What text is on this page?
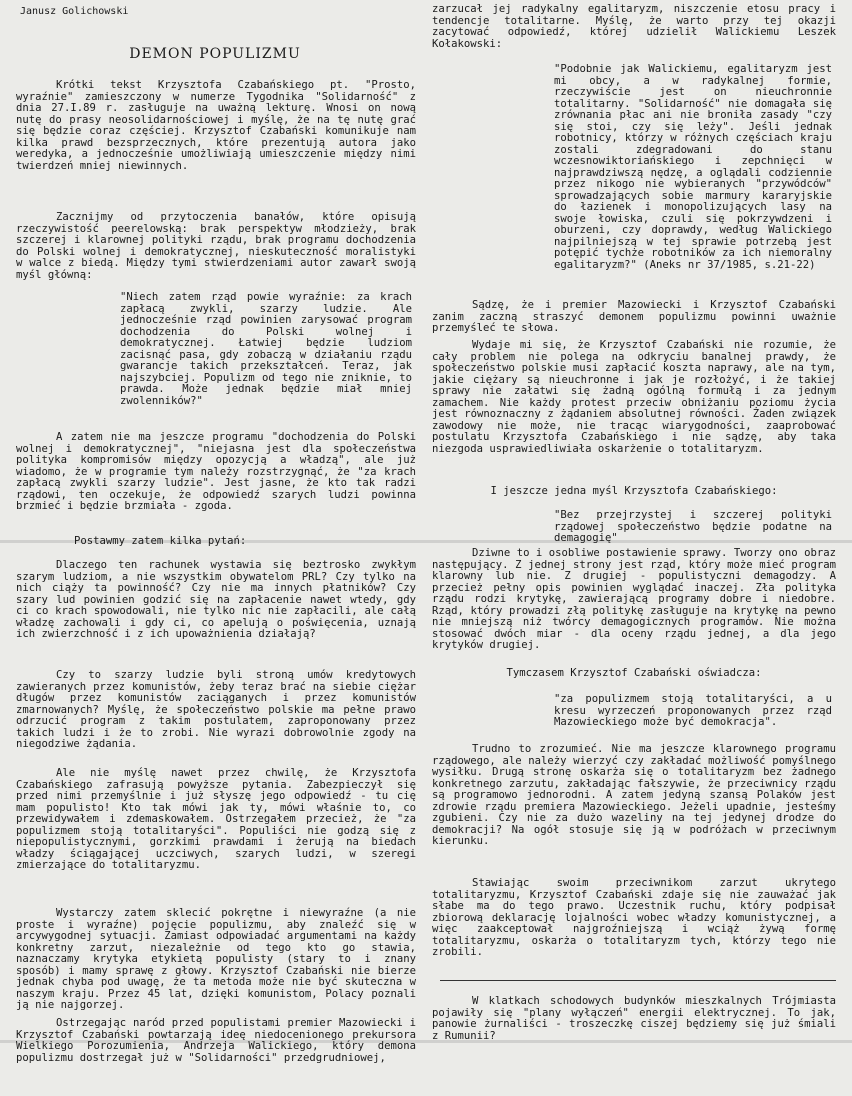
Janusz Golichowski
DEMON POPULIZMU

Krótki tekst Krzysztofa Czabańskiego pt. "Prosto, wyraźnie" zamieszczony w numerze Tygodnika "Solidarność" z dnia 27.I.89 r. zasługuje na uważną lekturę. Wnosi on nową nutę do prasy neosolidarnościowej i myślę, że na tę nutę grać się będzie coraz częściej. Krzysztof Czabański komunikuje nam kilka prawd bezsprzecznych, które prezentują autora jako weredyka, a jednocześnie umożliwiają umieszczenie między nimi twierdzeń mniej niewinnych.

Zacznijmy od przytoczenia banałów, które opisują rzeczywistość peerelowską: brak perspektyw młodzieży, brak szczerej i klarownej polityki rządu, brak programu dochodzenia do Polski wolnej i demokratycznej, nieskuteczność moralistyki w walce z biedą. Między tymi stwierdzeniami autor zawarł swoją myśl główną:

"Niech zatem rząd powie wyraźnie: za krach zapłacą zwykli, szarzy ludzie. Ale jednocześnie rząd powinien zarysować program dochodzenia do Polski wolnej i demokratycznej. Łatwiej będzie ludziom zacisnąć pasa, gdy zobaczą w działaniu rządu gwarancje takich przekształceń. Teraz, jak najszybciej. Populizm od tego nie zniknie, to prawda. Może jednak będzie miał mniej zwolenników?"

A zatem nie ma jeszcze programu "dochodzenia do Polski wolnej i demokratycznej", "niejasna jest dla społeczeństwa polityka kompromisów między opozycją a władzą", ale już wiadomo, że w programie tym należy rozstrzygnąć, że "za krach zapłacą zwykli szarzy ludzie". Jest jasne, że kto tak radzi rządowi, ten oczekuje, że odpowiedź szarych ludzi powinna brzmieć i będzie brzmiała - zgoda.

Postawmy zatem kilka pytań:

Dlaczego ten rachunek wystawia się beztrosko zwykłym szarym ludziom, a nie wszystkim obywatelom PRL? Czy tylko na nich ciąży ta powinność? Czy nie ma innych płatników? Czy szary lud powinien godzić się na zapłacenie nawet wtedy, gdy ci co krach spowodowali, nie tylko nic nie zapłacili, ale całą władzę zachowali i gdy ci, co apelują o poświęcenia, uznają ich zwierzchność i z ich upoważnienia działają?

Czy to szarzy ludzie byli stroną umów kredytowych zawieranych przez komunistów, żeby teraz brać na siebie ciężar długów przez komunistów zaciąganych i przez komunistów zmarnowanych? Myślę, że społeczeństwo polskie ma pełne prawo odrzucić program z takim postulatem, zaproponowany przez takich ludzi i że to zrobi. Nie wyrazi dobrowolnie zgody na niegodziwe żądania.

Ale nie myślę nawet przez chwilę, że Krzysztofa Czabańskiego zafrasują powyższe pytania. Zabezpieczył się przed nimi przemyślnie i już słyszę jego odpowiedź - tu cię mam populisto! Kto tak mówi jak ty, mówi właśnie to, co przewidywałem i zdemaskowałem. Ostrzegałem przecież, że "za populizmem stoją totalitaryści". Populiści nie godzą się z niepopulistycznymi, gorzkimi prawdami i żerują na biedach władzy ściągającej uczciwych, szarych ludzi, w szeregi zmierzające do totalitaryzmu.

Wystarczy zatem sklecić pokrętne i niewyraźne (a nie proste i wyraźne) pojęcie populizmu, aby znaleźć się w arcywygodnej sytuacji. Zamiast odpowiadać argumentami na każdy konkretny zarzut, niezależnie od tego kto go stawia, naznaczamy krytyka etykietą populisty (stary to i znany sposób) i mamy sprawę z głowy. Krzysztof Czabański nie bierze jednak chyba pod uwagę, że ta metoda może nie być skuteczna w naszym kraju. Przez 45 lat, dzięki komunistom, Polacy poznali ją nie najgorzej.

Ostrzegając naród przed populistami premier Mazowiecki i Krzysztof Czabański powtarzają ideę niedocenionego prekursora Wielkiego Porozumienia, Andrzeja Walickiego, który demona populizmu dostrzegał już w "Solidarności" przedgrudniowej,

zarzucał jej radykalny egalitaryzm, niszczenie etosu pracy i tendencje totalitarne. Myślę, że warto przy tej okazji zacytować odpowiedź, której udzielił Walickiemu Leszek Kołakowski:

"Podobnie jak Walickiemu, egalitaryzm jest mi obcy, a w radykalnej formie, rzeczywiście jest on nieuchronnie totalitarny. "Solidarność" nie domagała się zrównania płac ani nie broniła zasady "czy się stoi, czy się leży". Jeśli jednak robotnicy, którzy w różnych częściach kraju zostali zdegradowani do stanu wczesnowiktoriańskiego i zepchnięci w najprawdziwszą nędzę, a oglądali codziennie przez nikogo nie wybieranych "przywódców" sprowadzających sobie marmury kararyjskie do łazienek i monopolizujących lasy na swoje łowiska, czuli się pokrzywdzeni i oburzeni, czy doprawdy, według Walickiego najpilniejszą w tej sprawie potrzebą jest potępić tychże robotników za ich niemoralny egalitaryzm?" (Aneks nr 37/1985, s.21-22)

Sądzę, że i premier Mazowiecki i Krzysztof Czabański zanim zaczną straszyć demonem populizmu powinni uważnie przemyśleć te słowa.

Wydaje mi się, że Krzysztof Czabański nie rozumie, że cały problem nie polega na odkryciu banalnej prawdy, że społeczeństwo polskie musi zapłacić koszta naprawy, ale na tym, jakie ciężary są nieuchronne i jak je rozłożyć, i że takiej sprawy nie załatwi się żadną ogólną formułą i za jednym zamachem. Nie każdy protest przeciw obniżaniu poziomu życia jest równoznaczny z żądaniem absolutnej równości. Żaden związek zawodowy nie może, nie tracąc wiarygodności, zaaprobować postulatu Krzysztofa Czabańskiego i nie sądzę, aby taka niezgoda usprawiedliwiała oskarżenie o totalitaryzm.

I jeszcze jedna myśl Krzysztofa Czabańskiego:

"Bez przejrzystej i szczerej polityki rządowej społeczeństwo będzie podatne na demagogię"

Dziwne to i osobliwe postawienie sprawy. Tworzy ono obraz następujący. Z jednej strony jest rząd, który może mieć program klarowny lub nie. Z drugiej - populistyczni demagodzy. A przecież pełny opis powinien wyglądać inaczej. Zła polityka rządu rodzi krytykę, zawierającą programy dobre i niedobre. Rząd, który prowadzi złą politykę zasługuje na krytykę na pewno nie mniejszą niż twórcy demagogicznych programów. Nie można stosować dwóch miar - dla oceny rządu jednej, a dla jego krytyków drugiej.

Tymczasem Krzysztof Czabański oświadcza:

"za populizmem stoją totalitaryści, a u kresu wyrzeczeń proponowanych przez rząd Mazowieckiego może być demokracja".

Trudno to zrozumieć. Nie ma jeszcze klarownego programu rządowego, ale należy wierzyć czy zakładać możliwość pomyślnego wysiłku. Drugą stronę oskarża się o totalitaryzm bez żadnego konkretnego zarzutu, zakładając fałszywie, że przeciwnicy rządu są programowo jednorodni. A zatem jedyną szansą Polaków jest zdrowie rządu premiera Mazowieckiego. Jeżeli upadnie, jesteśmy zgubieni. Czy nie za dużo wazeliny na tej jedynej drodze do demokracji? Na ogół stosuje się ją w podróżach w przeciwnym kierunku.

Stawiając swoim przeciwnikom zarzut ukrytego totalitaryzmu, Krzysztof Czabański zdaje się nie zauważać jak słabe ma do tego prawo. Uczestnik ruchu, który podpisał zbiorową deklarację lojalności wobec władzy komunistycznej, a więc zaakceptował najgroźniejszą i wciąż żywą formę totalitaryzmu, oskarża o totalitaryzm tych, którzy tego nie zrobili.

W klatkach schodowych budynków mieszkalnych Trójmiasta pojawiły się "plany wyłączeń" energii elektrycznej. To jak, panowie żurnaliści - troszeczkę ciszej będziemy się już śmiali z Rumunii?
